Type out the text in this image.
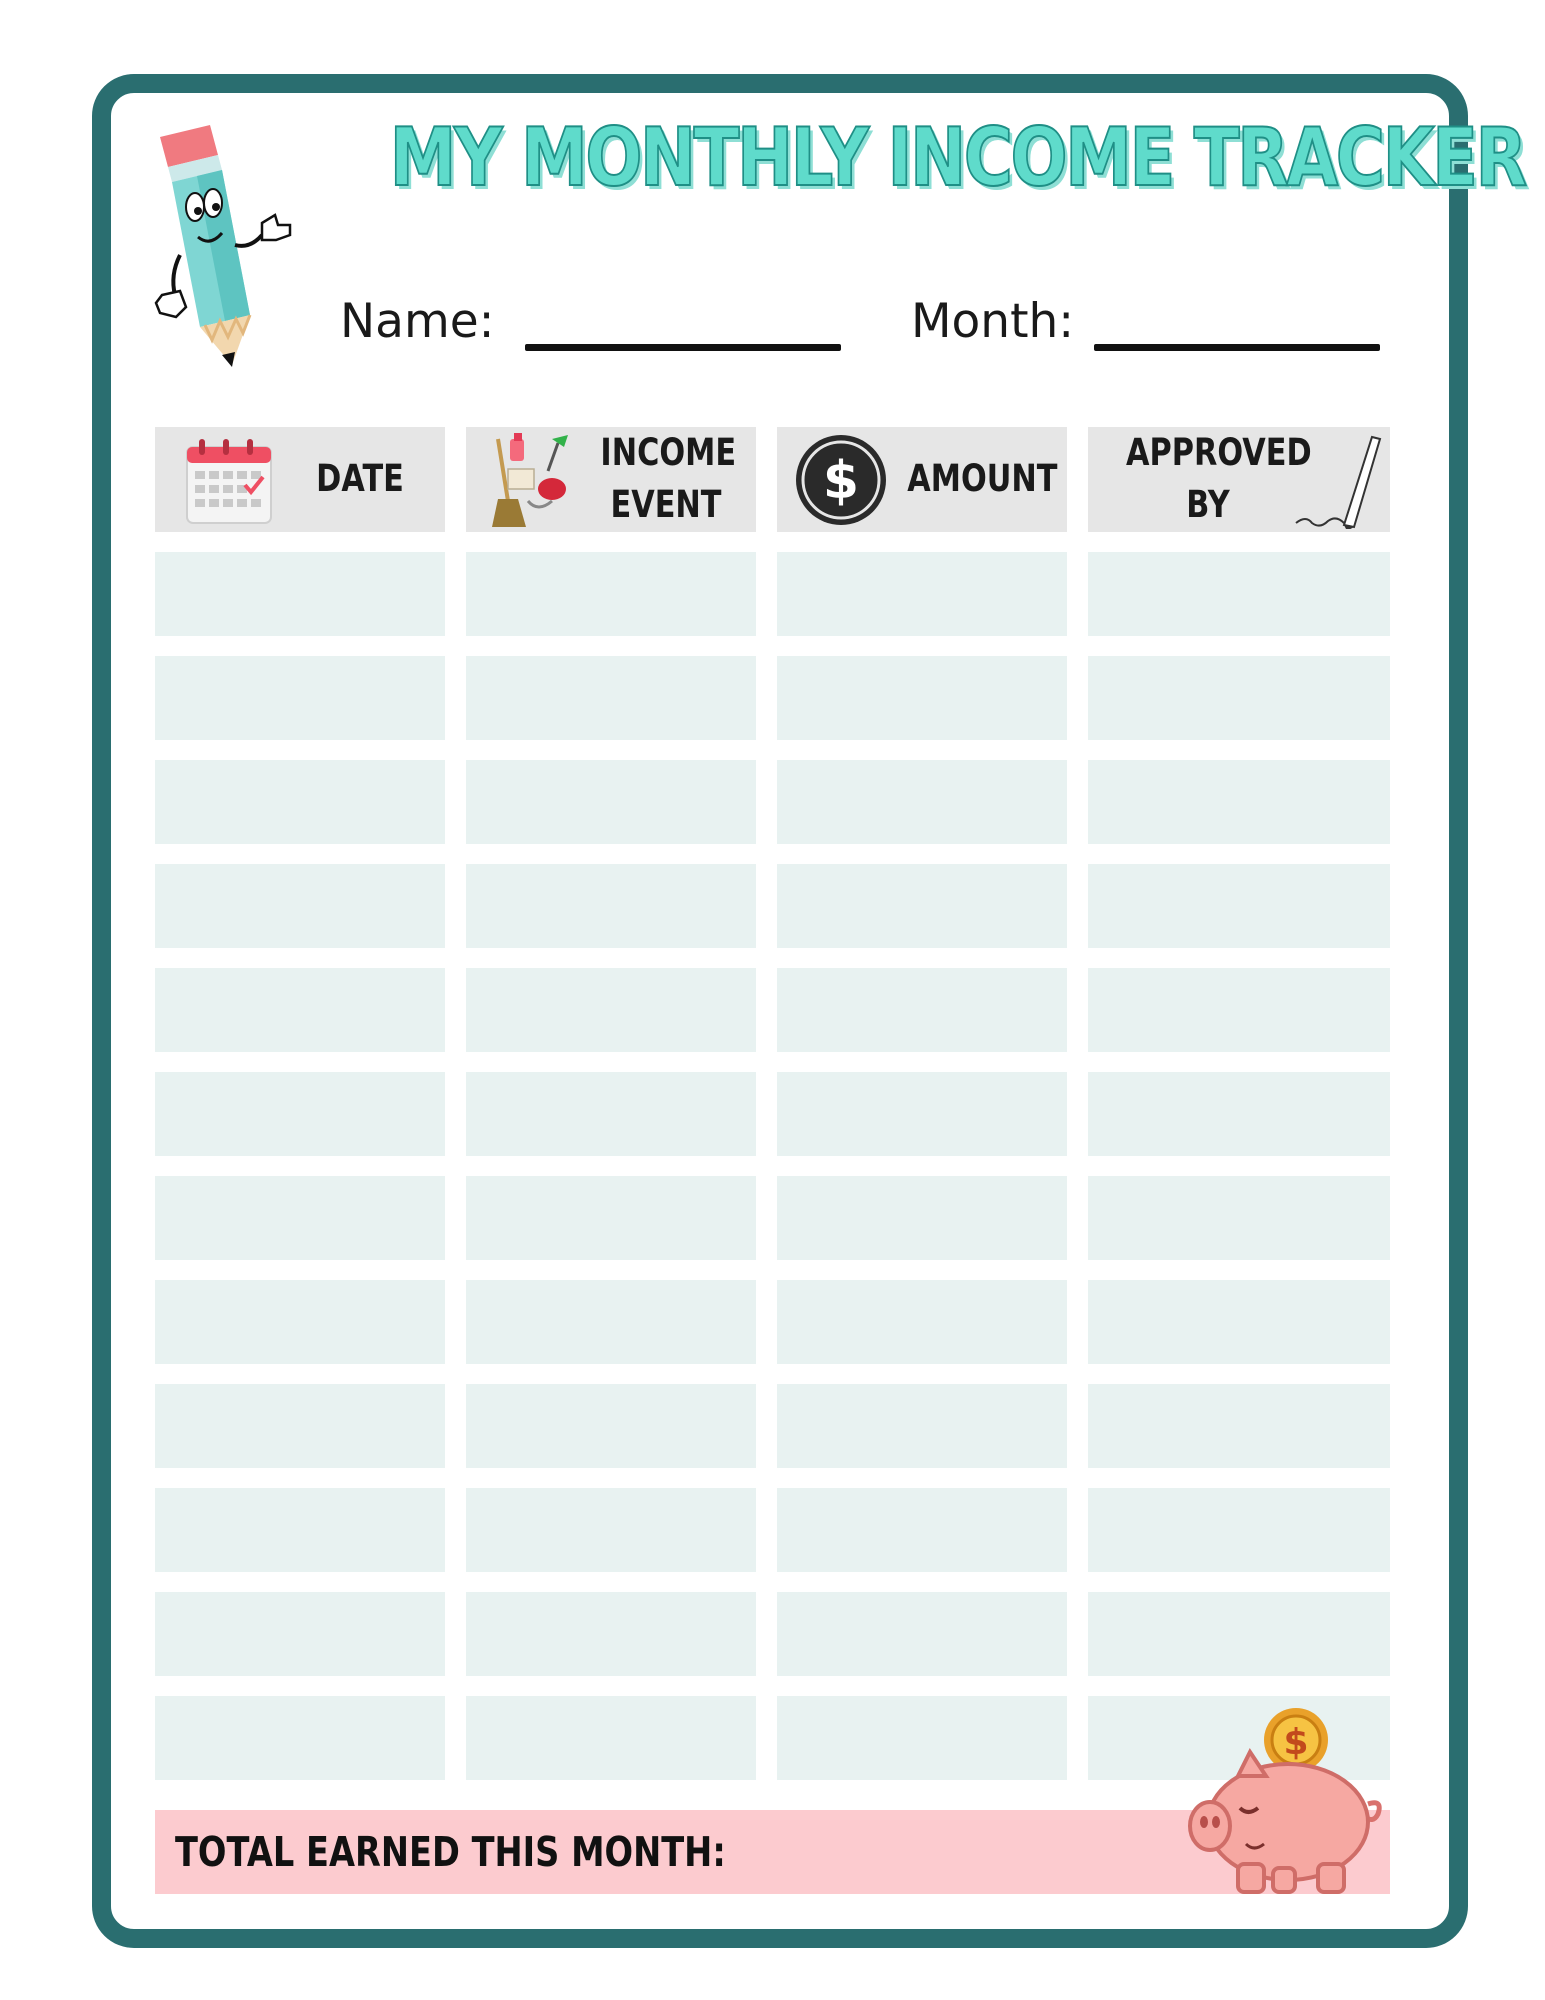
MY MONTHLY INCOME TRACKER
Name:	Month:
DATE
INCOME
EVENT $ AMOUNT
APPROVED
BY
TOTAL EARNED THIS MONTH:
$
